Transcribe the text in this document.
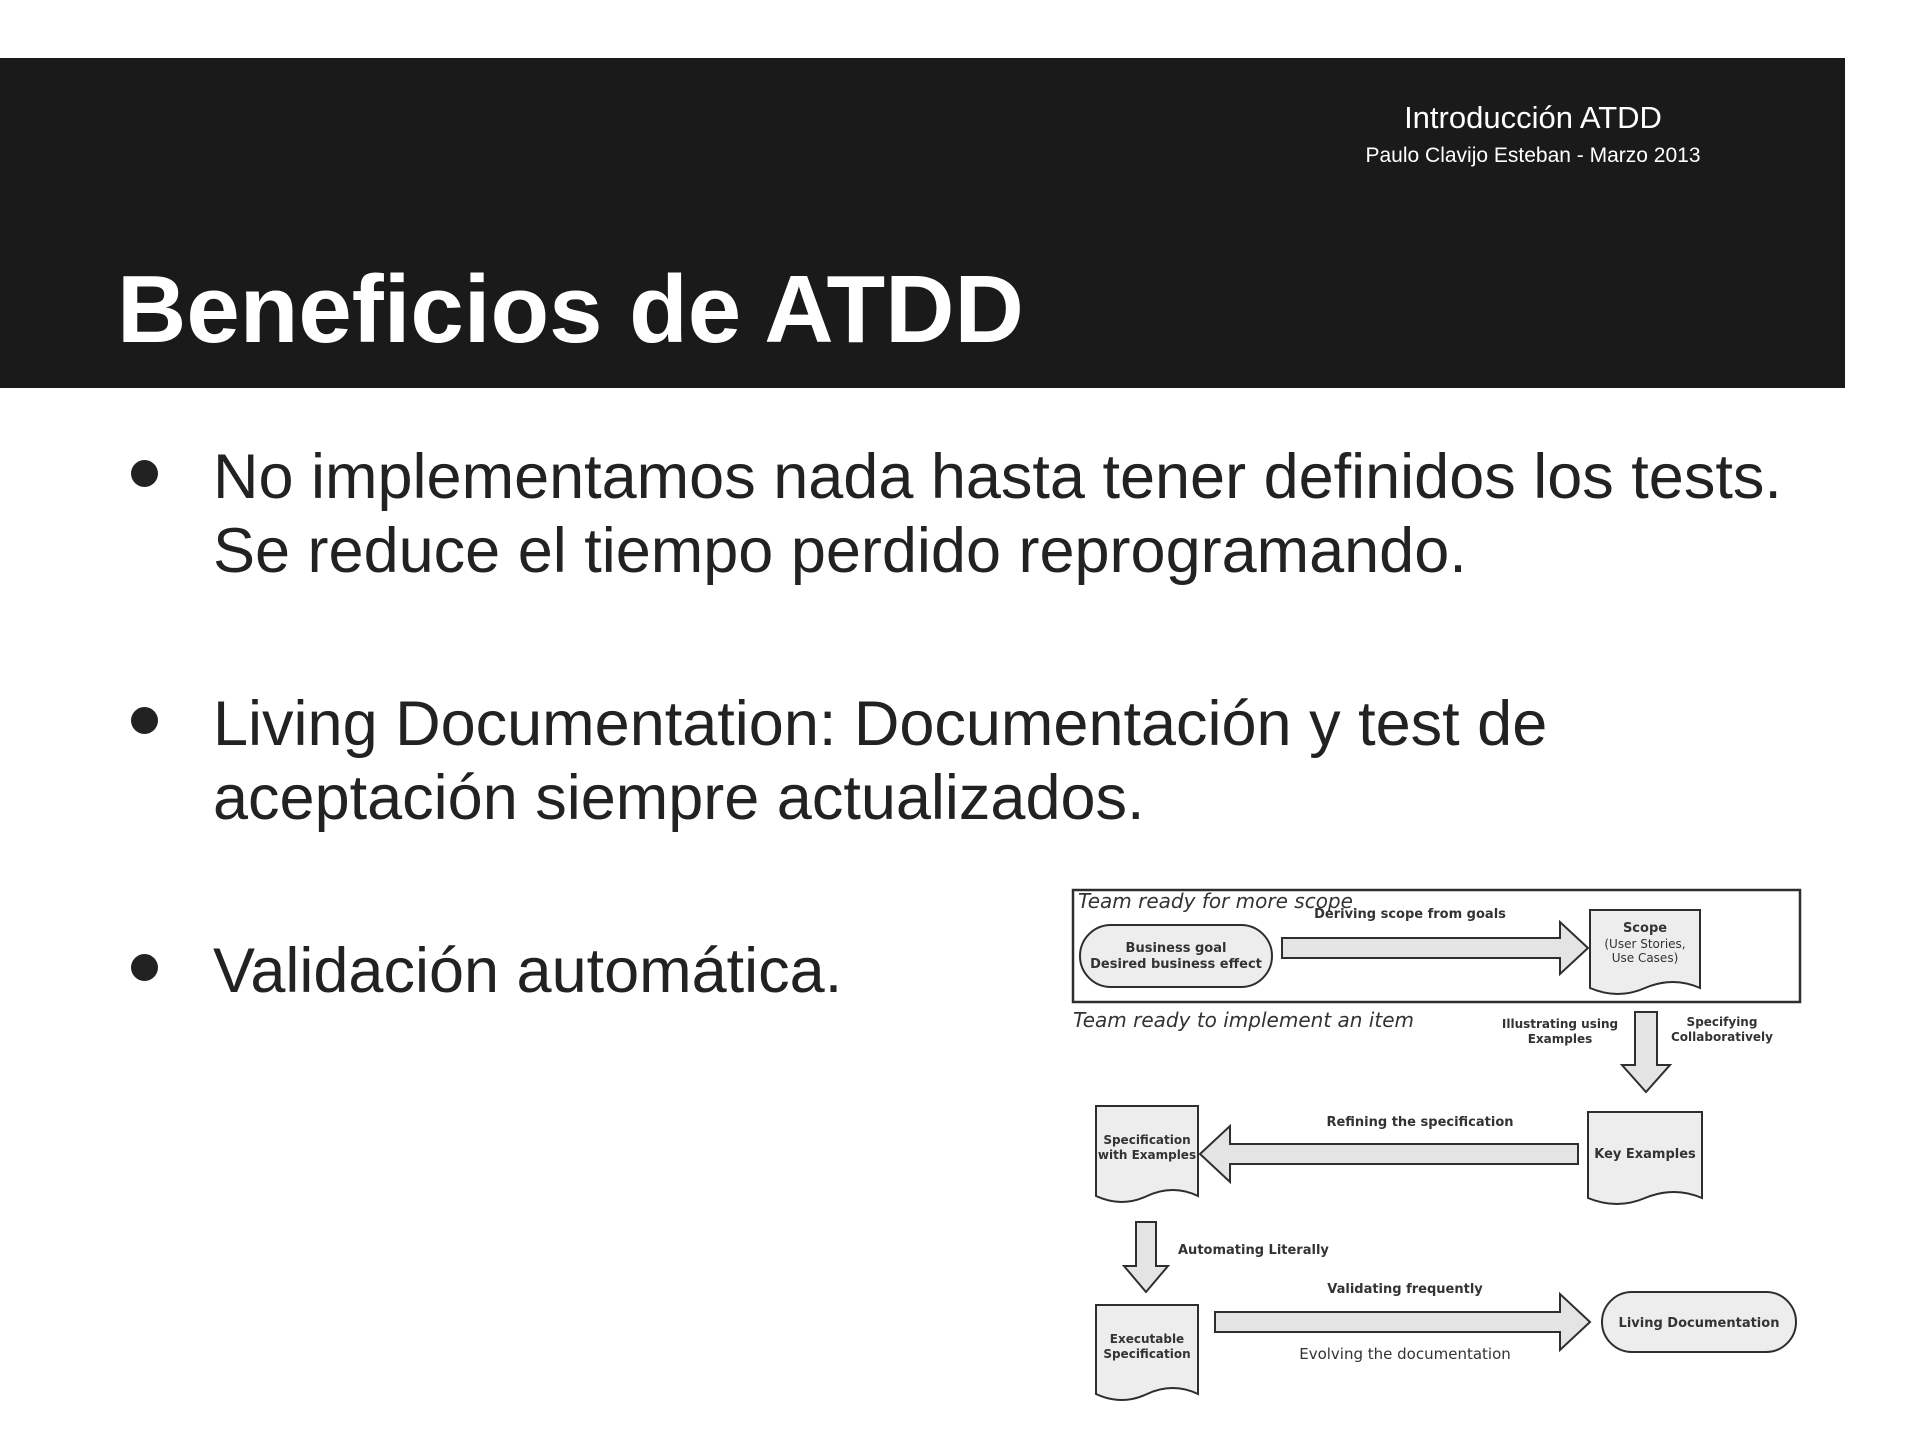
Introducción ATDD
Paulo Clavijo Esteban - Marzo 2013
Beneficios de ATDD
No implementamos nada hasta tener definidos los tests.
Se reduce el tiempo perdido reprogramando.
Living Documentation: Documentación y test de
aceptación siempre actualizados.
Validación automática.
Team ready for more scope
Business goal
Desired business effect
Deriving scope from goals
Scope
(User Stories,
Use Cases)
Team ready to implement an item	Illustrating using
Examples
Specifying
Collaboratively
Key Examples
Refining the specification
Specification
with Examples
Automating Literally
Executable
Specification
Validating frequently
Evolving the documentation
Living Documentation
